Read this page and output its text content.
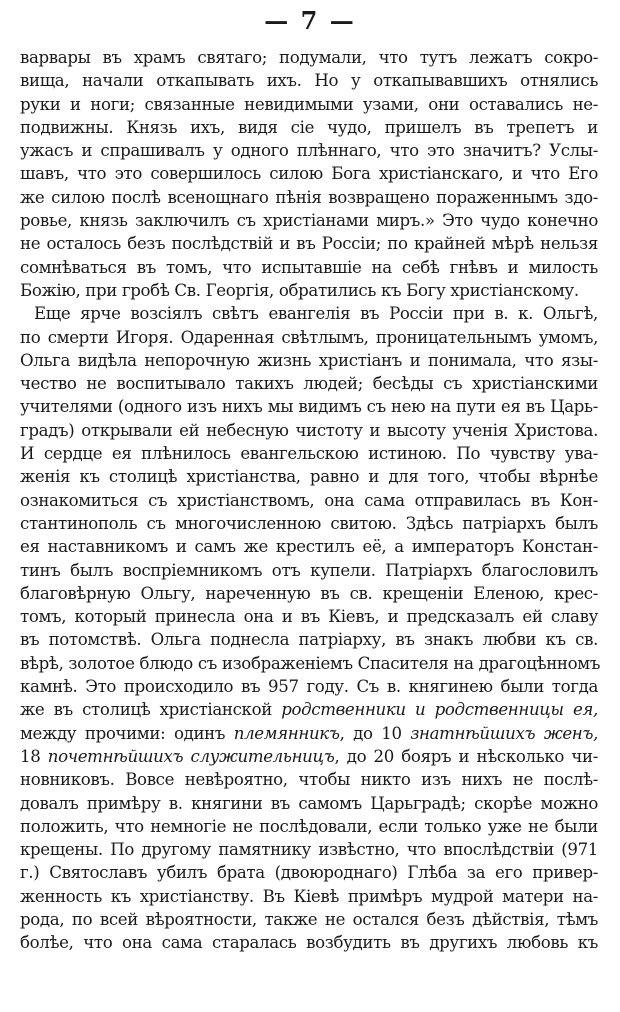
— 7 —
варвары въ храмъ святаго; подумали, что тутъ лежатъ сокро-
вища, начали откапывать ихъ. Но у откапывавшихъ отнялись
руки и ноги; связанные невидимыми узами, они оставались не-
подвижны. Князь ихъ, видя сіе чудо, пришелъ въ трепетъ и
ужасъ и спрашивалъ у одного плѣннаго, что это значитъ? Услы-
шавъ, что это совершилось силою Бога христіанскаго, и что Его
же силою послѣ всенощнаго пѣнія возвращено пораженнымъ здо-
ровье, князь заключилъ съ христіанами миръ.» Это чудо конечно
не осталось безъ послѣдствій и въ Россіи; по крайней мѣрѣ нельзя
сомнѣваться въ томъ, что испытавшіе на себѣ гнѣвъ и милость
Божію, при гробѣ Св. Георгія, обратились къ Богу христіанскому.
Еще ярче возсіялъ свѣтъ евангелія въ Россіи при в. к. Ольгѣ,
по смерти Игоря. Одаренная свѣтлымъ, проницательнымъ умомъ,
Ольга видѣла непорочную жизнь христіанъ и понимала, что язы-
чество не воспитывало такихъ людей; бесѣды съ христіанскими
учителями (одного изъ нихъ мы видимъ съ нею на пути ея въ Царь-
градъ) открывали ей небесную чистоту и высоту ученія Христова.
И сердце ея плѣнилось евангельскою истиною. По чувству ува-
женія къ столицѣ христіанства, равно и для того, чтобы вѣрнѣе
ознакомиться съ христіанствомъ, она сама отправилась въ Кон-
стантинополь съ многочисленною свитою. Здѣсь патріархъ былъ
ея наставникомъ и самъ же крестилъ её, а императоръ Констан-
тинъ былъ воспріемникомъ отъ купели. Патріархъ благословилъ
благовѣрную Ольгу, нареченную въ св. крещеніи Еленою, крес-
томъ, который принесла она и въ Кіевъ, и предсказалъ ей славу
въ потомствѣ. Ольга поднесла патріарху, въ знакъ любви къ св.
вѣрѣ, золотое блюдо съ изображеніемъ Спасителя на драгоцѣнномъ
камнѣ. Это происходило въ 957 году. Съ в. княгинею были тогда
же въ столицѣ христіанской родственники и родственницы ея,
между прочими: одинъ племянникъ, до 10 знатнѣйшихъ женъ,
18 почетнѣйшихъ служительницъ, до 20 бояръ и нѣсколько чи-
новниковъ. Вовсе невѣроятно, чтобы никто изъ нихъ не послѣ-
довалъ примѣру в. княгини въ самомъ Царьградѣ; скорѣе можно
положить, что немногіе не послѣдовали, если только уже не были
крещены. По другому памятнику извѣстно, что впослѣдствіи (971
г.) Святославъ убилъ брата (двоюроднаго) Глѣба за его привер-
женность къ христіанству. Въ Кіевѣ примѣръ мудрой матери на-
рода, по всей вѣроятности, также не остался безъ дѣйствія, тѣмъ
болѣе, что она сама старалась возбудить въ другихъ любовь къ
